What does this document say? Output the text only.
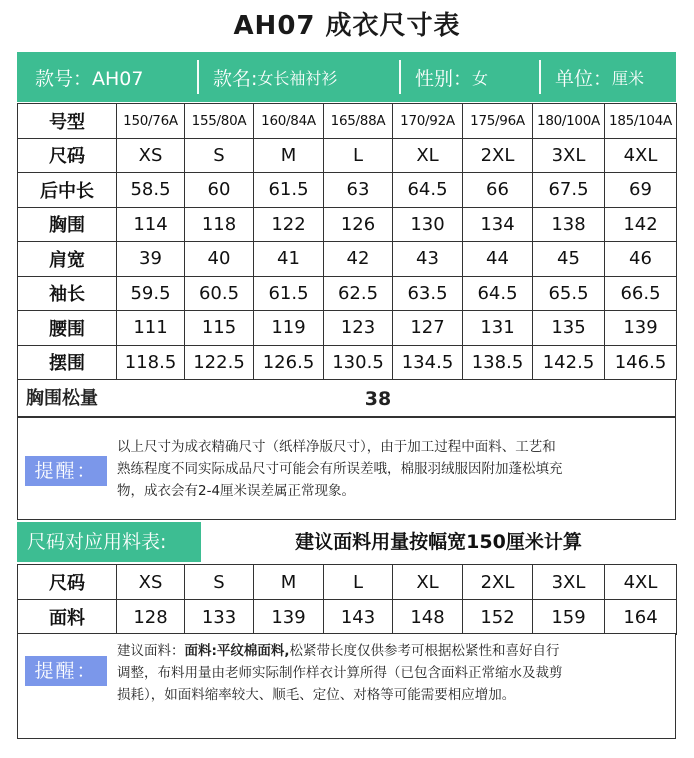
AH07 成衣尺寸表
款号：AH07	款名: 女长袖衬衫	性别： 女	单位： 厘米
号型	150/76A	155/80A	160/84A	165/88A	170/92A	175/96A	180/100A	185/104A
尺码	XS	S	M	L	XL	2XL	3XL	4XL
后中长	58.5	60	61.5	63	64.5	66	67.5	69
胸围	114	118	122	126	130	134	138	142
肩宽	39	40	41	42	43	44	45	46
袖长	59.5	60.5	61.5	62.5	63.5	64.5	65.5	66.5
腰围	111	115	119	123	127	131	135	139
摆围	118.5	122.5	126.5	130.5	134.5	138.5	142.5	146.5
胸围松量	38
提醒：
以上尺寸为成衣精确尺寸（纸样净版尺寸），由于加工过程中面料、工艺和
熟练程度不同实际成品尺寸可能会有所误差哦，棉服羽绒服因附加蓬松填充
物，成衣会有2-4厘米误差属正常现象。
尺码对应用料表:	建议面料用量按幅宽150厘米计算
尺码	XS	S	M	L	XL	2XL	3XL	4XL
面料	128	133	139	143	148	152	159	164
提醒：
建议面料：面料:平纹棉面料,松紧带长度仅供参考可根据松紧性和喜好自行
调整，布料用量由老师实际制作样衣计算所得（已包含面料正常缩水及裁剪
损耗），如面料缩率较大、顺毛、定位、对格等可能需要相应增加。
